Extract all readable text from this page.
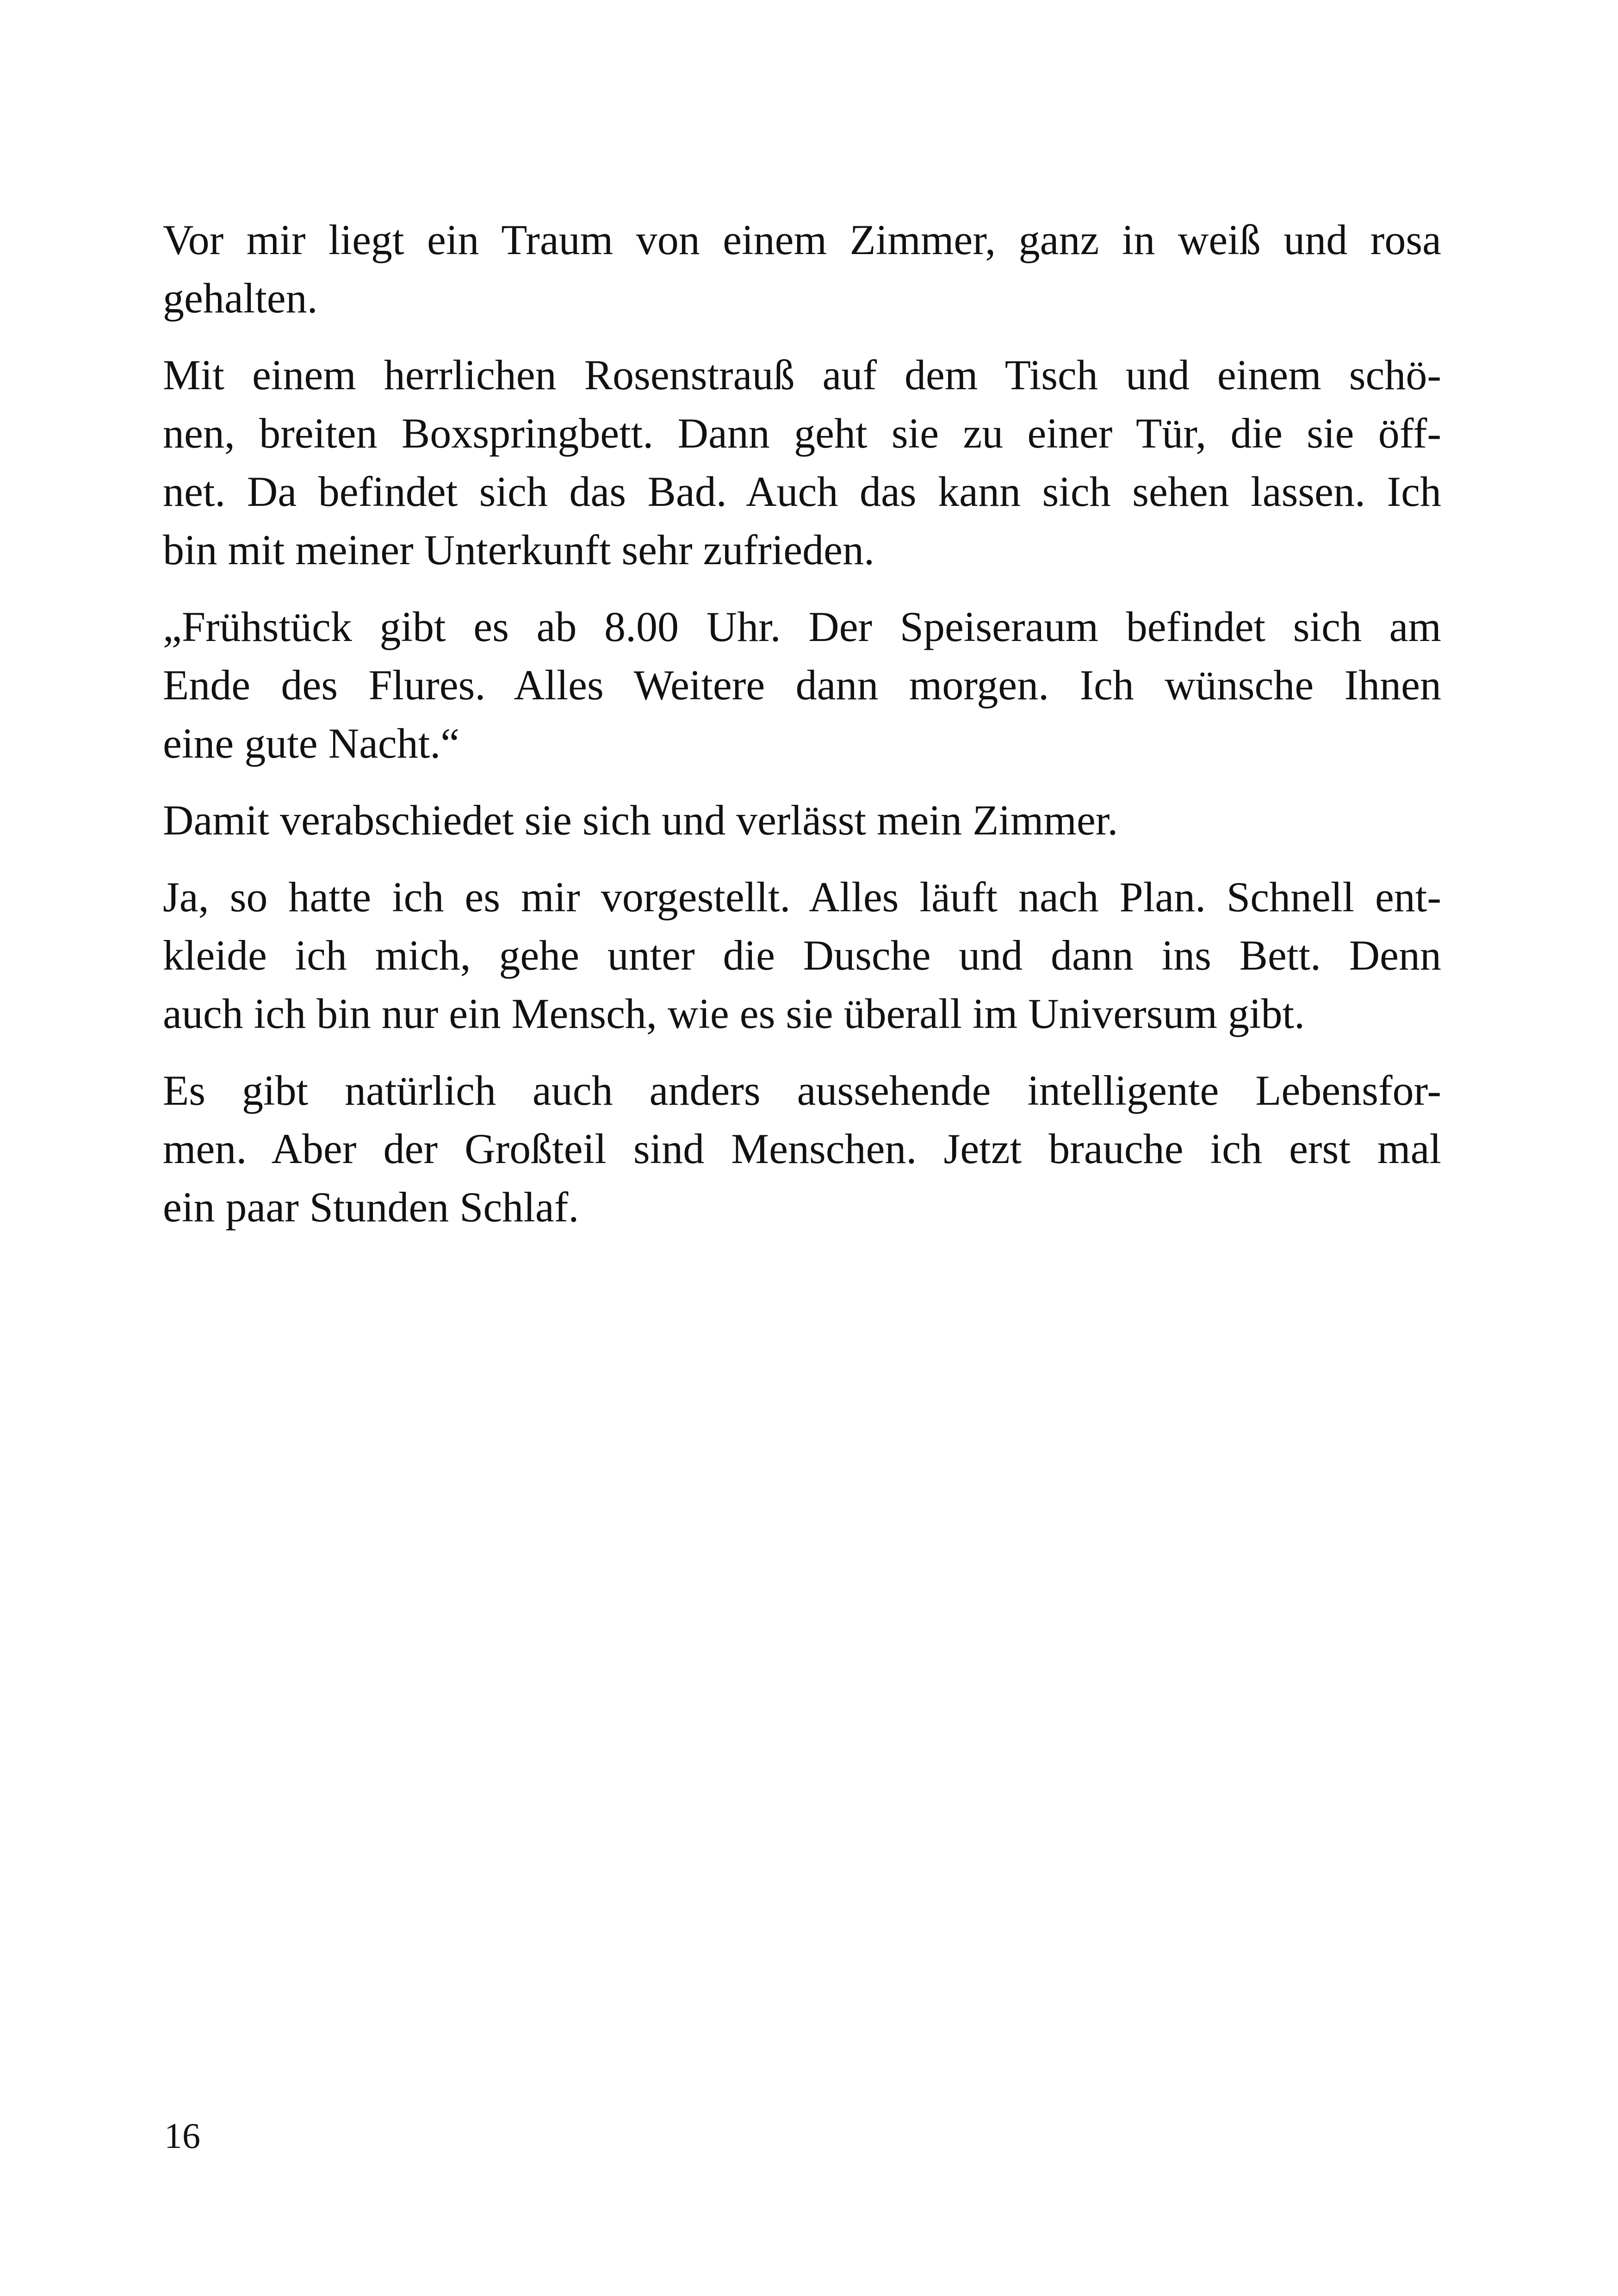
Vor mir liegt ein Traum von einem Zimmer, ganz in weiß und rosa
gehalten.

Mit einem herrlichen Rosenstrauß auf dem Tisch und einem schö-
nen, breiten Boxspringbett. Dann geht sie zu einer Tür, die sie öff-
net. Da befindet sich das Bad. Auch das kann sich sehen lassen. Ich
bin mit meiner Unterkunft sehr zufrieden.

„Frühstück gibt es ab 8.00 Uhr. Der Speiseraum befindet sich am
Ende des Flures. Alles Weitere dann morgen. Ich wünsche Ihnen
eine gute Nacht.“

Damit verabschiedet sie sich und verlässt mein Zimmer.

Ja, so hatte ich es mir vorgestellt. Alles läuft nach Plan. Schnell ent-
kleide ich mich, gehe unter die Dusche und dann ins Bett. Denn
auch ich bin nur ein Mensch, wie es sie überall im Universum gibt.

Es gibt natürlich auch anders aussehende intelligente Lebensfor-
men. Aber der Großteil sind Menschen. Jetzt brauche ich erst mal
ein paar Stunden Schlaf.

16
